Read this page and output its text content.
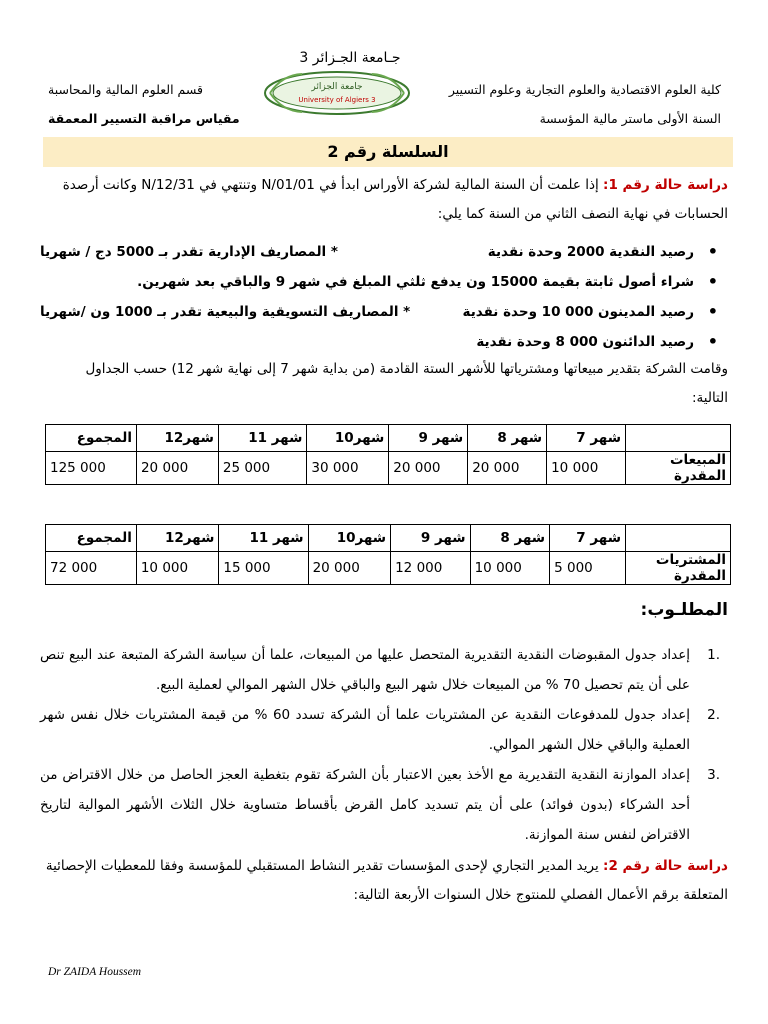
جـامعة الجـزائر 3
جامعة الجزائر
University of Algiers 3
كلية العلوم الاقتصادية والعلوم التجارية وعلوم التسيير
قسم العلوم المالية والمحاسبة
السنة الأولى ماستر مالية المؤسسة
مقياس مراقبة التسيير المعمقة
السلسلة رقم 2
دراسة حالة رقم 1: إذا علمت أن السنة المالية لشركة الأوراس ابدأ في N/01/01 وتنتهي في N/12/31 وكانت أرصدة
الحسابات في نهاية النصف الثاني من السنة كما يلي:
• رصيد النقدية 2000 وحدة نقدية
* المصاريف الإدارية تقدر بـ 5000 دج / شهريا
• شراء أصول ثابتة بقيمة 15000 ون يدفع ثلثي المبلغ في شهر 9 والباقي بعد شهرين.
• رصيد المدينون 000 10 وحدة نقدية
* المصاريف التسويقية والبيعية تقدر بـ 1000 ون /شهريا
• رصيد الدائنون 000 8 وحدة نقدية
وقامت الشركة بتقدير مبيعاتها ومشترياتها للأشهر الستة القادمة (من بداية شهر 7 إلى نهاية شهر 12) حسب الجداول
التالية:
	شهر 7	شهر 8	شهر 9	شهر10	شهر 11	شهر12	المجموع
المبيعات المقدرة	10 000	20 000	20 000	30 000	25 000	20 000	125 000
	شهر 7	شهر 8	شهر 9	شهر10	شهر 11	شهر12	المجموع
المشتريات المقدرة	5 000	10 000	12 000	20 000	15 000	10 000	72 000
المطلـوب:
1.
إعداد جدول المقبوضات النقدية التقديرية المتحصل عليها من المبيعات، علما أن سياسة الشركة المتبعة عند البيع تنص على أن يتم تحصيل 70 % من المبيعات خلال شهر البيع والباقي خلال الشهر الموالي لعملية البيع.
2.
إعداد جدول للمدفوعات النقدية عن المشتريات علما أن الشركة تسدد 60 % من قيمة المشتريات خلال نفس شهر العملية والباقي خلال الشهر الموالي.
3.
إعداد الموازنة النقدية التقديرية مع الأخذ بعين الاعتبار بأن الشركة تقوم بتغطية العجز الحاصل من خلال الاقتراض من أحد الشركاء (بدون فوائد) على أن يتم تسديد كامل القرض بأقساط متساوية خلال الثلاث الأشهر الموالية لتاريخ الاقتراض لنفس سنة الموازنة.
دراسة حالة رقم 2: يريد المدير التجاري لإحدى المؤسسات تقدير النشاط المستقبلي للمؤسسة وفقا للمعطيات الإحصائية
المتعلقة برقم الأعمال الفصلي للمنتوج خلال السنوات الأربعة التالية:
Dr ZAIDA Houssem
